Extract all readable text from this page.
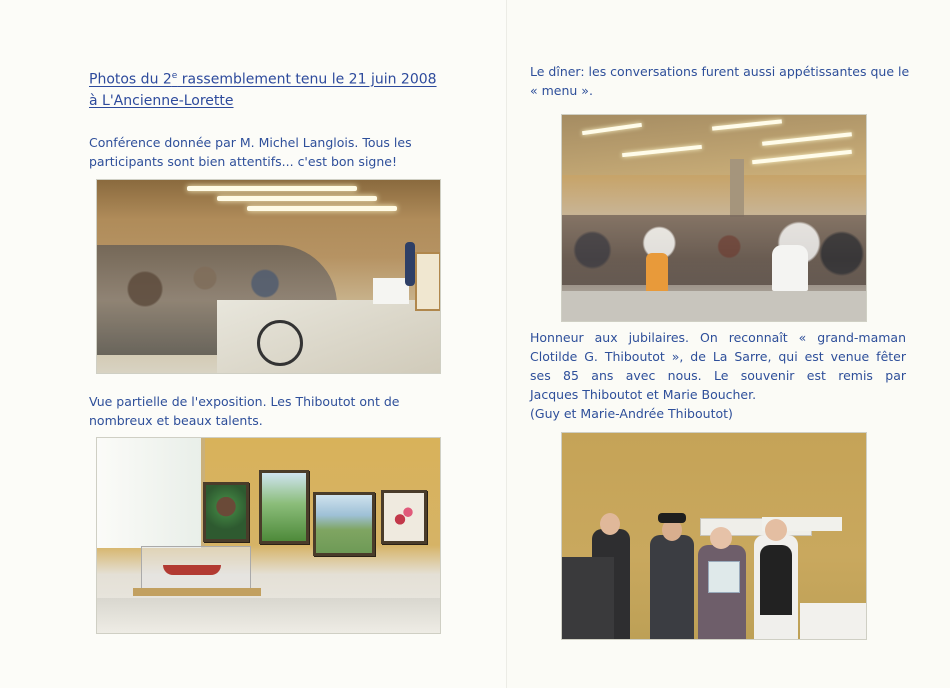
Photos du 2e rassemblement tenu le 21 juin 2008
à L'Ancienne-Lorette
Conférence donnée par M. Michel Langlois. Tous les
participants sont bien attentifs... c'est bon signe!
Vue partielle de l'exposition. Les Thiboutot ont de
nombreux et beaux talents.
Le dîner: les conversations furent aussi appétissantes que le
« menu ».
Honneur aux jubilaires. On reconnaît « grand-maman
Clotilde G. Thiboutot », de La Sarre, qui est venue fêter
ses 85 ans avec nous. Le souvenir est remis par
Jacques Thiboutot et Marie Boucher.
(Guy et Marie-Andrée Thiboutot)
